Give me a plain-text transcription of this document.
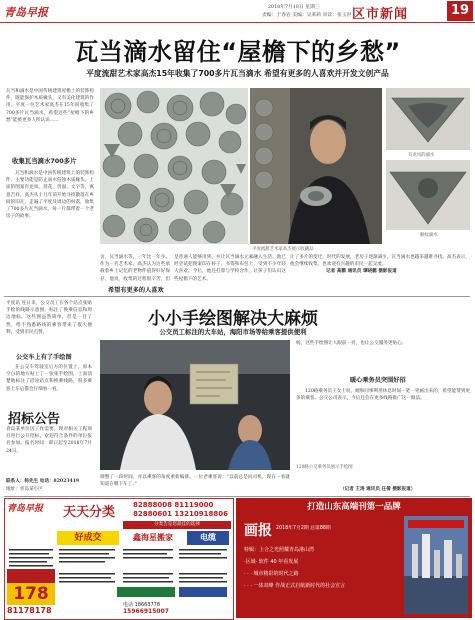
青岛早报	2018年7月18日 星期三
责编：于春岩 美编：吴莱莉 审读：张玉洪 区市新闻	19
瓦当滴水留住“屋檐下的乡愁”
平度流甜艺术家高杰15年收集了700多片瓦当滴水 希望有更多的人喜欢并开发文创产品
瓦当和滴水是中国传统建筑屋檐上的装饰构件，既能保护木质椽头，又有美化建筑的作用。平度一位艺术家高杰在15年间收集了700多片瓦当滴水，希望这些“屋檐下的乡愁”能被更多人所认识……
收集瓦当滴水700多片
瓦当和滴水是中国传统建筑上的装饰构件，主要功能是防止雨水侵蚀木质椽头。上面的图案有龙凤、莲花、兽面、文字等，寓意吉祥。高杰从十几年前开始寻找散落在乡间的旧瓦，走遍了平度及周边的村落，收集了700多片瓦当滴水。每一片都带着一个老房子的故事。
有龙凤的滴水
猴纹滴水
平度流甜艺术家高杰展示收藏品
舍，瓦当滴水等，一年比一年少。作为一名艺术家，高杰认为这些承载着乡土记忆的老物件值得好好保存。他说，收集的过程很辛苦，但
希望有更多的人喜欢
是普通人能够用到，并让瓦当滴水元素融入生活。他已经尝试把图案印在杯子、书签和布包上，受到不少年轻人喜欢。今后，他还打算与学校合作，让孩子们认识这些屋檐下的艺术。
让了多片的变迁，时代的发展，老房子逐渐减少，瓦当滴水也越来越难寻找。高杰表示，他会继续收集，也欢迎有兴趣的市民一起交流。
记者 高鹏 通讯员 谭晓鹏 摄影报道
平度讯 连日来，公交员工在各个站点张贴手绘的线路示意图，标注了换乘信息和周边地标。这些图虽然简单，但是一目了然，给不熟悉路线的乘客带来了很大便利，受到市民点赞。
公交车上有了手绘图
在公交车驾驶室后方的位置上，原本空白的地方贴上了一张张手绘图，上面清楚地标注了沿途站点和换乘线路，很多乘客上车后都会仔细看一看。
小小手绘图解决大麻烦
公交员工标注的大车站，海阳市场等给乘客提供便利
120路公交乘务员展示手绘图
调整了一段时间，并以乘客的角度重新编排。一位老乘客说：“以前总是问司机，现在一看就知道在哪下车了。”
杨，这些手绘图让人眼前一亮，也让公交服务更贴心。
暖心乘务员突围好招
120路乘务员王女士说，她和同事利用休息时间一笔一笔画出来的，希望能帮到更多的乘客。公交公司表示，今后还会在更多线路推广这一做法。
（记者 王涛 通讯员 任倩 摄影报道）
招标公告
青岛某单位因工作需要，现对相关工程项目进行公开招标，欢迎符合条件的单位报名参加。报名时间：即日起至2018年7月24日。
联系人：杨先生 电话：82023419
地址：青岛某小区
青岛早报	天天分类	82888008 81119000
82880601 13210918806
分类告是您最佳的选择
好成交	鑫海星搬家	电缆
178
81178178
电话 18663778
15966915007
打造山东高端刊第一品牌
画报 2018年7月2期 总第88期
特辑：上合之光照耀青岛港山湾
·区域· 软件 40 年看发展
· · · 城市精彩的时代之路
· · · 一体双峰 作战正式启航新时代的社会宣言
